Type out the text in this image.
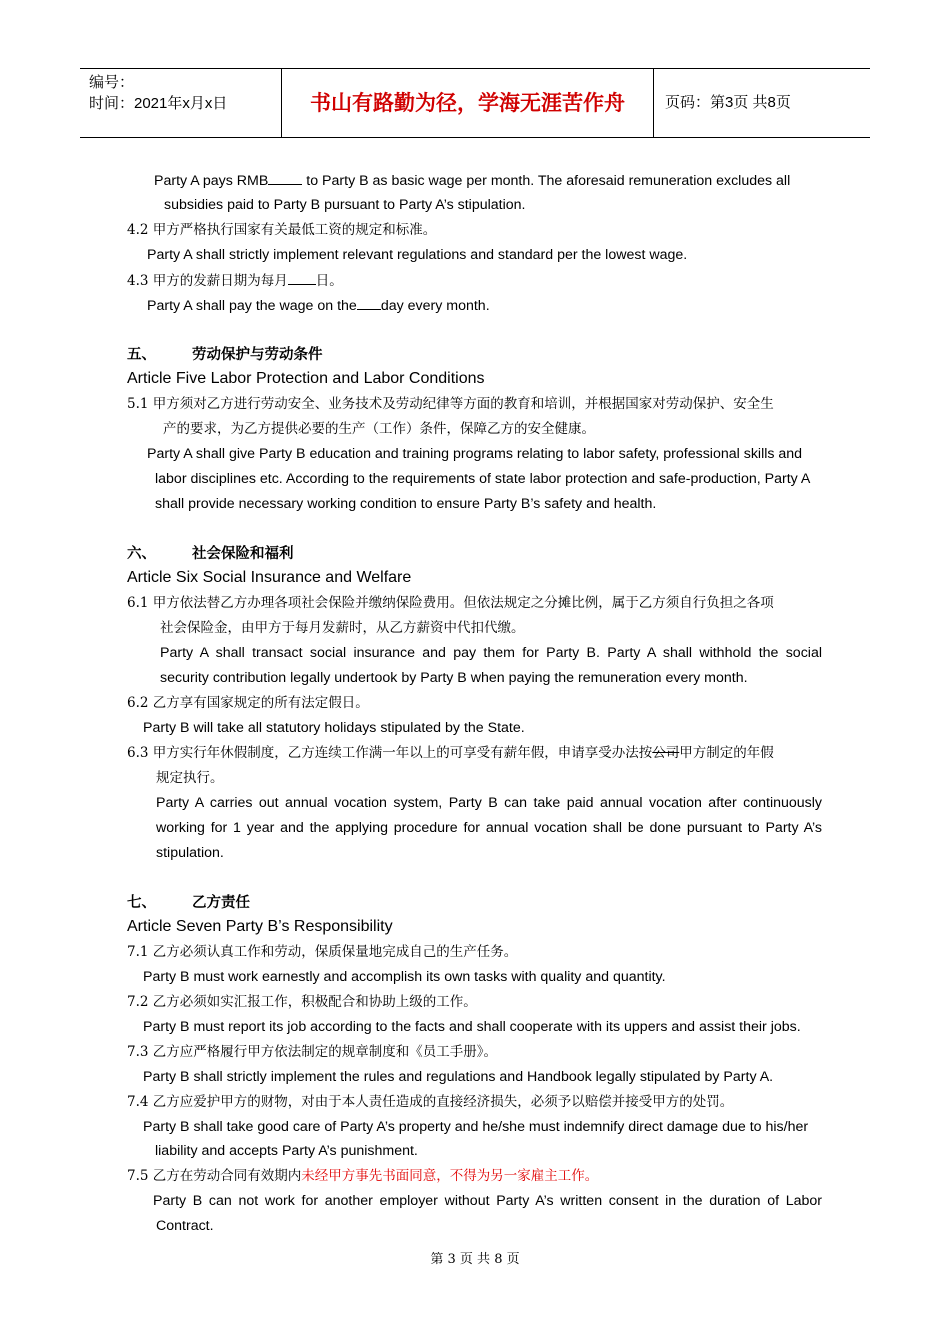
编号：
时间：2021年x月x日	书山有路勤为径，学海无涯苦作舟	页码：第3页 共8页
Party A pays RMB to Party B as basic wage per month. The aforesaid remuneration excludes all
subsidies paid to Party B pursuant to Party A’s stipulation.
4.2 甲方严格执行国家有关最低工资的规定和标准。
Party A shall strictly implement relevant regulations and standard per the lowest wage.
4.3 甲方的发薪日期为每月 日。
Party A shall pay the wage on the day every month.
五、 劳动保护与劳动条件
Article Five Labor Protection and Labor Conditions
5.1 甲方须对乙方进行劳动安全、业务技术及劳动纪律等方面的教育和培训，并根据国家对劳动保护、安全生
产的要求，为乙方提供必要的生产（工作）条件，保障乙方的安全健康。
Party A shall give Party B education and training programs relating to labor safety, professional skills and
labor disciplines etc. According to the requirements of state labor protection and safe-production, Party A
shall provide necessary working condition to ensure Party B’s safety and health.
六、 社会保险和福利
Article Six Social Insurance and Welfare
6.1 甲方依法替乙方办理各项社会保险并缴纳保险费用。但依法规定之分摊比例，属于乙方须自行负担之各项
社会保险金，由甲方于每月发薪时，从乙方薪资中代扣代缴。
Party A shall transact social insurance and pay them for Party B. Party A shall withhold the social
security contribution legally undertook by Party B when paying the remuneration every month.
6.2 乙方享有国家规定的所有法定假日。
Party B will take all statutory holidays stipulated by the State.
6.3 甲方实行年休假制度，乙方连续工作满一年以上的可享受有薪年假，申请享受办法按公司甲方制定的年假
规定执行。
Party A carries out annual vocation system, Party B can take paid annual vocation after continuously
working for 1 year and the applying procedure for annual vocation shall be done pursuant to Party A’s
stipulation.
七、 乙方责任
Article Seven Party B’s Responsibility
7.1 乙方必须认真工作和劳动，保质保量地完成自己的生产任务。
Party B must work earnestly and accomplish its own tasks with quality and quantity.
7.2 乙方必须如实汇报工作，积极配合和协助上级的工作。
Party B must report its job according to the facts and shall cooperate with its uppers and assist their jobs.
7.3 乙方应严格履行甲方依法制定的规章制度和《员工手册》。
Party B shall strictly implement the rules and regulations and Handbook legally stipulated by Party A.
7.4 乙方应爱护甲方的财物，对由于本人责任造成的直接经济损失，必须予以赔偿并接受甲方的处罚。
Party B shall take good care of Party A’s property and he/she must indemnify direct damage due to his/her
liability and accepts Party A’s punishment.
7.5 乙方在劳动合同有效期内未经甲方事先书面同意，不得为另一家雇主工作。
Party B can not work for another employer without Party A’s written consent in the duration of Labor
Contract.
第 3 页 共 8 页
